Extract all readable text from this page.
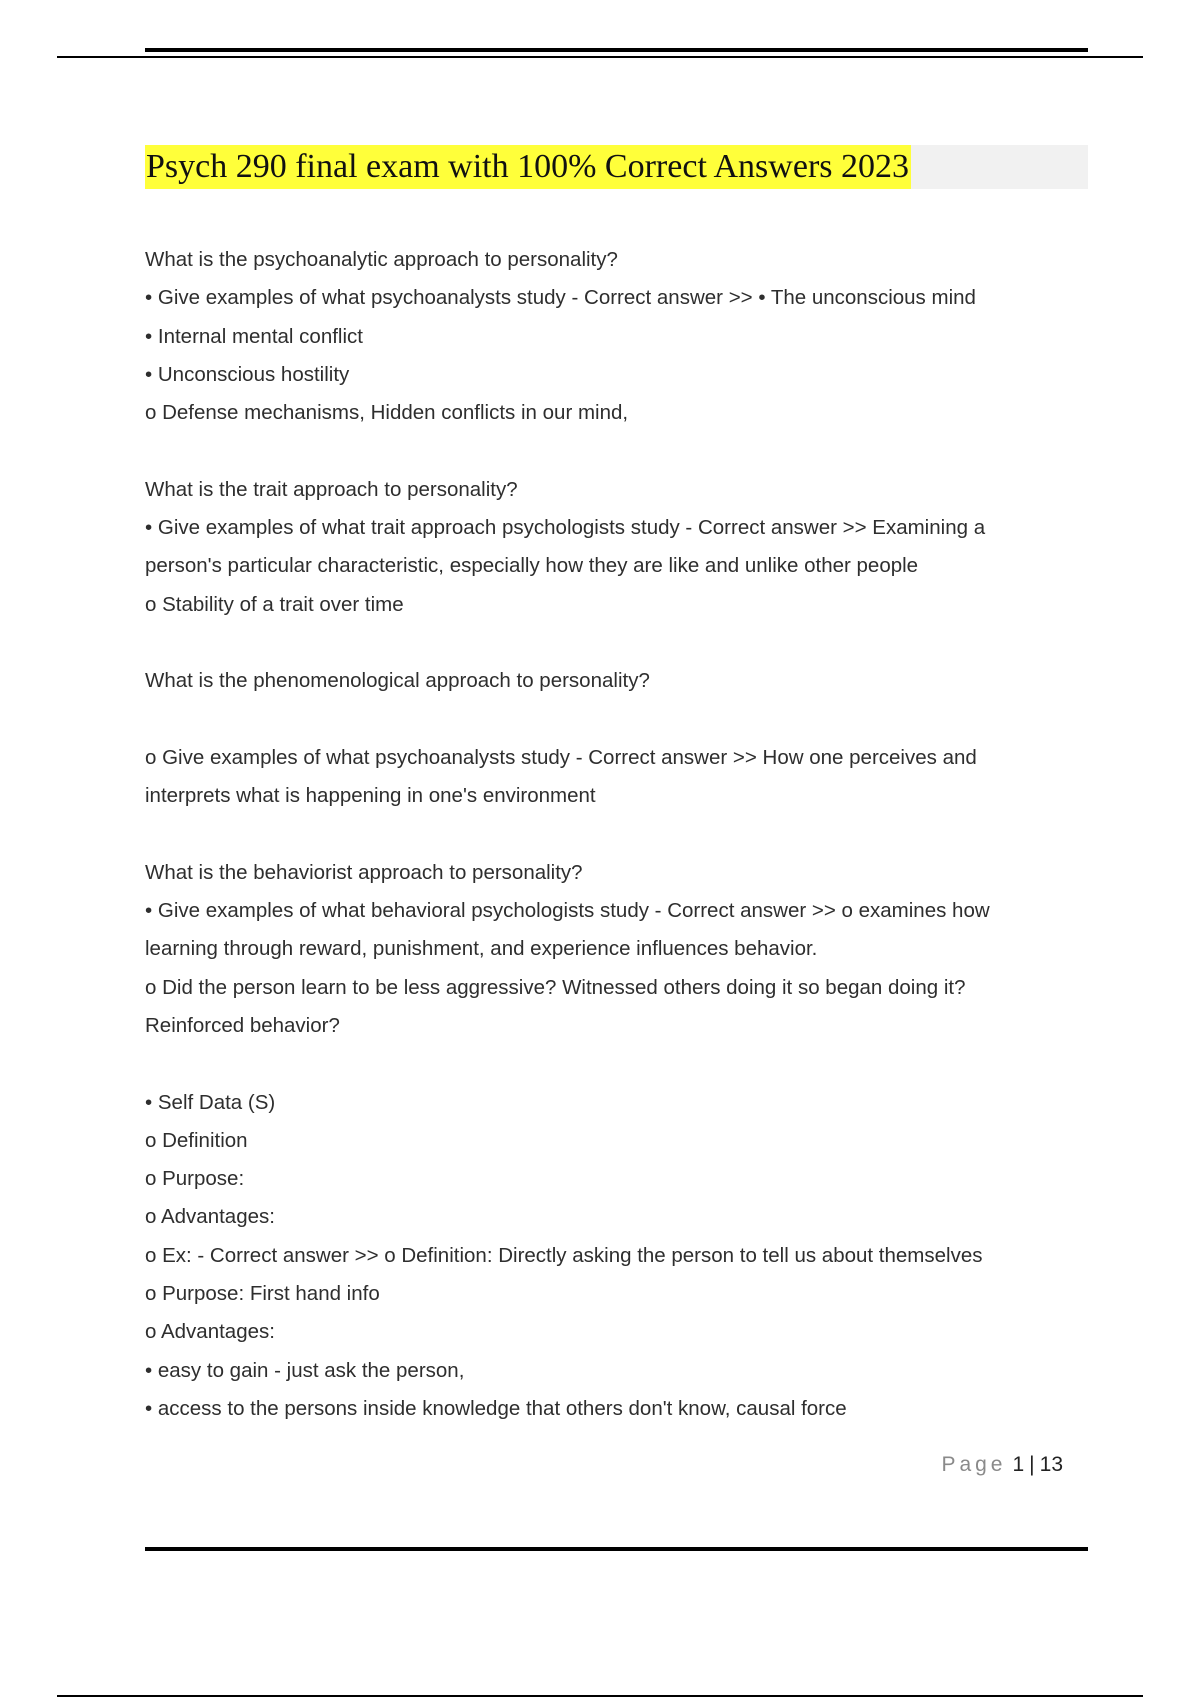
Psych 290 final exam with 100% Correct Answers 2023
What is the psychoanalytic approach to personality?
• Give examples of what psychoanalysts study - Correct answer >> • The unconscious mind
• Internal mental conflict
• Unconscious hostility
o Defense mechanisms, Hidden conflicts in our mind,
What is the trait approach to personality?
• Give examples of what trait approach psychologists study - Correct answer >> Examining a
person's particular characteristic, especially how they are like and unlike other people
o Stability of a trait over time
What is the phenomenological approach to personality?
o Give examples of what psychoanalysts study - Correct answer >> How one perceives and
interprets what is happening in one's environment
What is the behaviorist approach to personality?
• Give examples of what behavioral psychologists study - Correct answer >> o examines how
learning through reward, punishment, and experience influences behavior.
o Did the person learn to be less aggressive? Witnessed others doing it so began doing it?
Reinforced behavior?
• Self Data (S)
o Definition
o Purpose:
o Advantages:
o Ex: - Correct answer >> o Definition: Directly asking the person to tell us about themselves
o Purpose: First hand info
o Advantages:
• easy to gain - just ask the person,
• access to the persons inside knowledge that others don't know, causal force
Page 1 | 13
